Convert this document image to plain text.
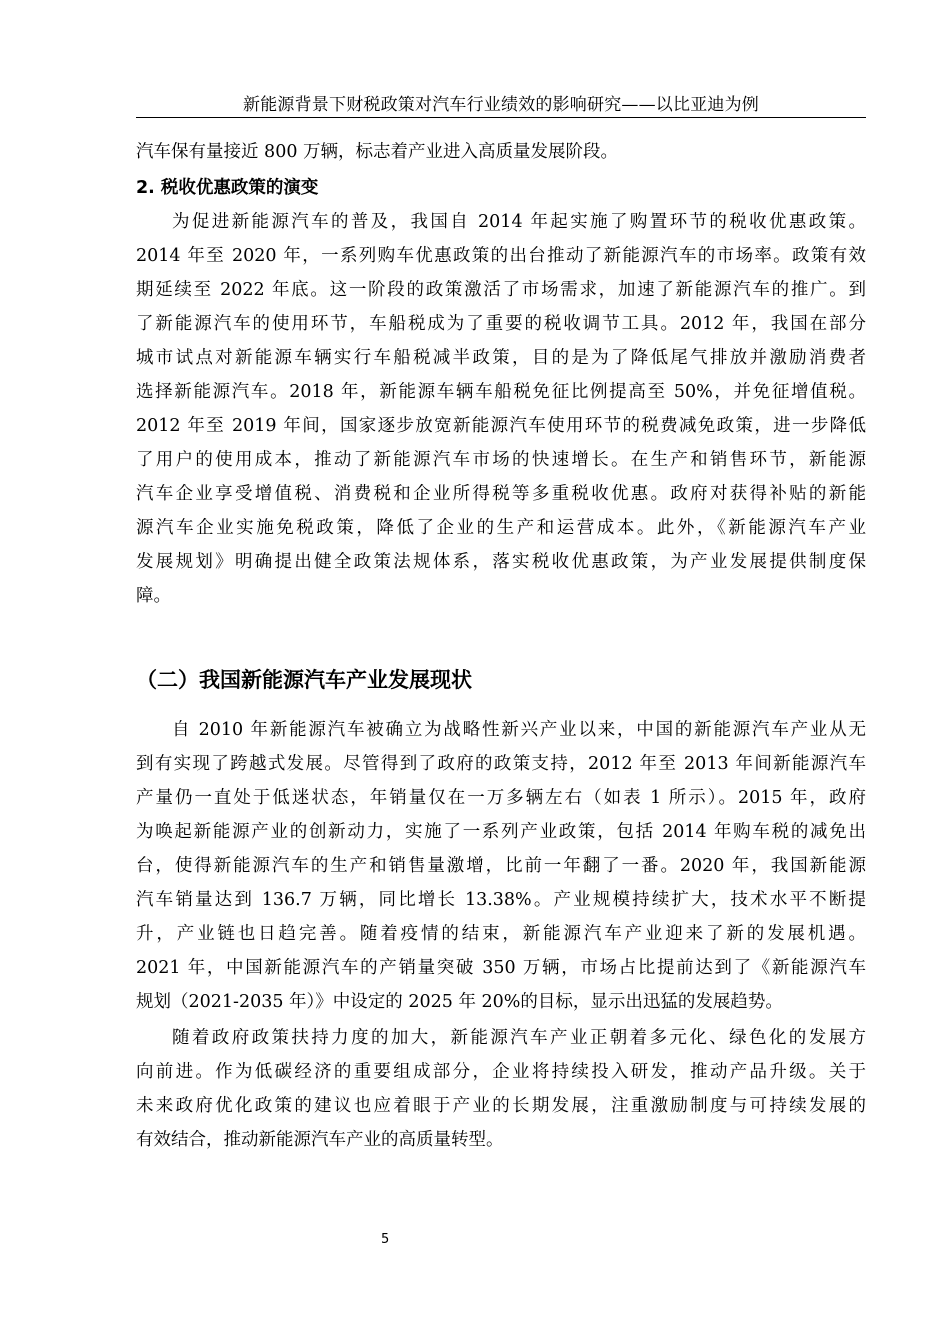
新能源背景下财税政策对汽车行业绩效的影响研究——以比亚迪为例
汽车保有量接近 800 万辆，标志着产业进入高质量发展阶段。
2. 税收优惠政策的演变
为促进新能源汽车的普及，我国自 2014 年起实施了购置环节的税收优惠政策。
2014 年至 2020 年，一系列购车优惠政策的出台推动了新能源汽车的市场率。政策有效
期延续至 2022 年底。这一阶段的政策激活了市场需求，加速了新能源汽车的推广。到
了新能源汽车的使用环节，车船税成为了重要的税收调节工具。2012 年，我国在部分
城市试点对新能源车辆实行车船税减半政策，目的是为了降低尾气排放并激励消费者
选择新能源汽车。2018 年，新能源车辆车船税免征比例提高至 50%，并免征增值税。
2012 年至 2019 年间，国家逐步放宽新能源汽车使用环节的税费减免政策，进一步降低
了用户的使用成本，推动了新能源汽车市场的快速增长。在生产和销售环节，新能源
汽车企业享受增值税、消费税和企业所得税等多重税收优惠。政府对获得补贴的新能
源汽车企业实施免税政策，降低了企业的生产和运营成本。此外，《新能源汽车产业
发展规划》明确提出健全政策法规体系，落实税收优惠政策，为产业发展提供制度保
障。
（二）我国新能源汽车产业发展现状
自 2010 年新能源汽车被确立为战略性新兴产业以来，中国的新能源汽车产业从无
到有实现了跨越式发展。尽管得到了政府的政策支持，2012 年至 2013 年间新能源汽车
产量仍一直处于低迷状态，年销量仅在一万多辆左右（如表 1 所示）。2015 年，政府
为唤起新能源产业的创新动力，实施了一系列产业政策，包括 2014 年购车税的减免出
台，使得新能源汽车的生产和销售量激增，比前一年翻了一番。2020 年，我国新能源
汽车销量达到 136.7 万辆，同比增长 13.38%。产业规模持续扩大，技术水平不断提
升，产业链也日趋完善。随着疫情的结束，新能源汽车产业迎来了新的发展机遇。
2021 年，中国新能源汽车的产销量突破 350 万辆，市场占比提前达到了《新能源汽车
规划（2021-2035 年）》中设定的 2025 年 20%的目标，显示出迅猛的发展趋势。
随着政府政策扶持力度的加大，新能源汽车产业正朝着多元化、绿色化的发展方
向前进。作为低碳经济的重要组成部分，企业将持续投入研发，推动产品升级。关于
未来政府优化政策的建议也应着眼于产业的长期发展，注重激励制度与可持续发展的
有效结合，推动新能源汽车产业的高质量转型。
5
